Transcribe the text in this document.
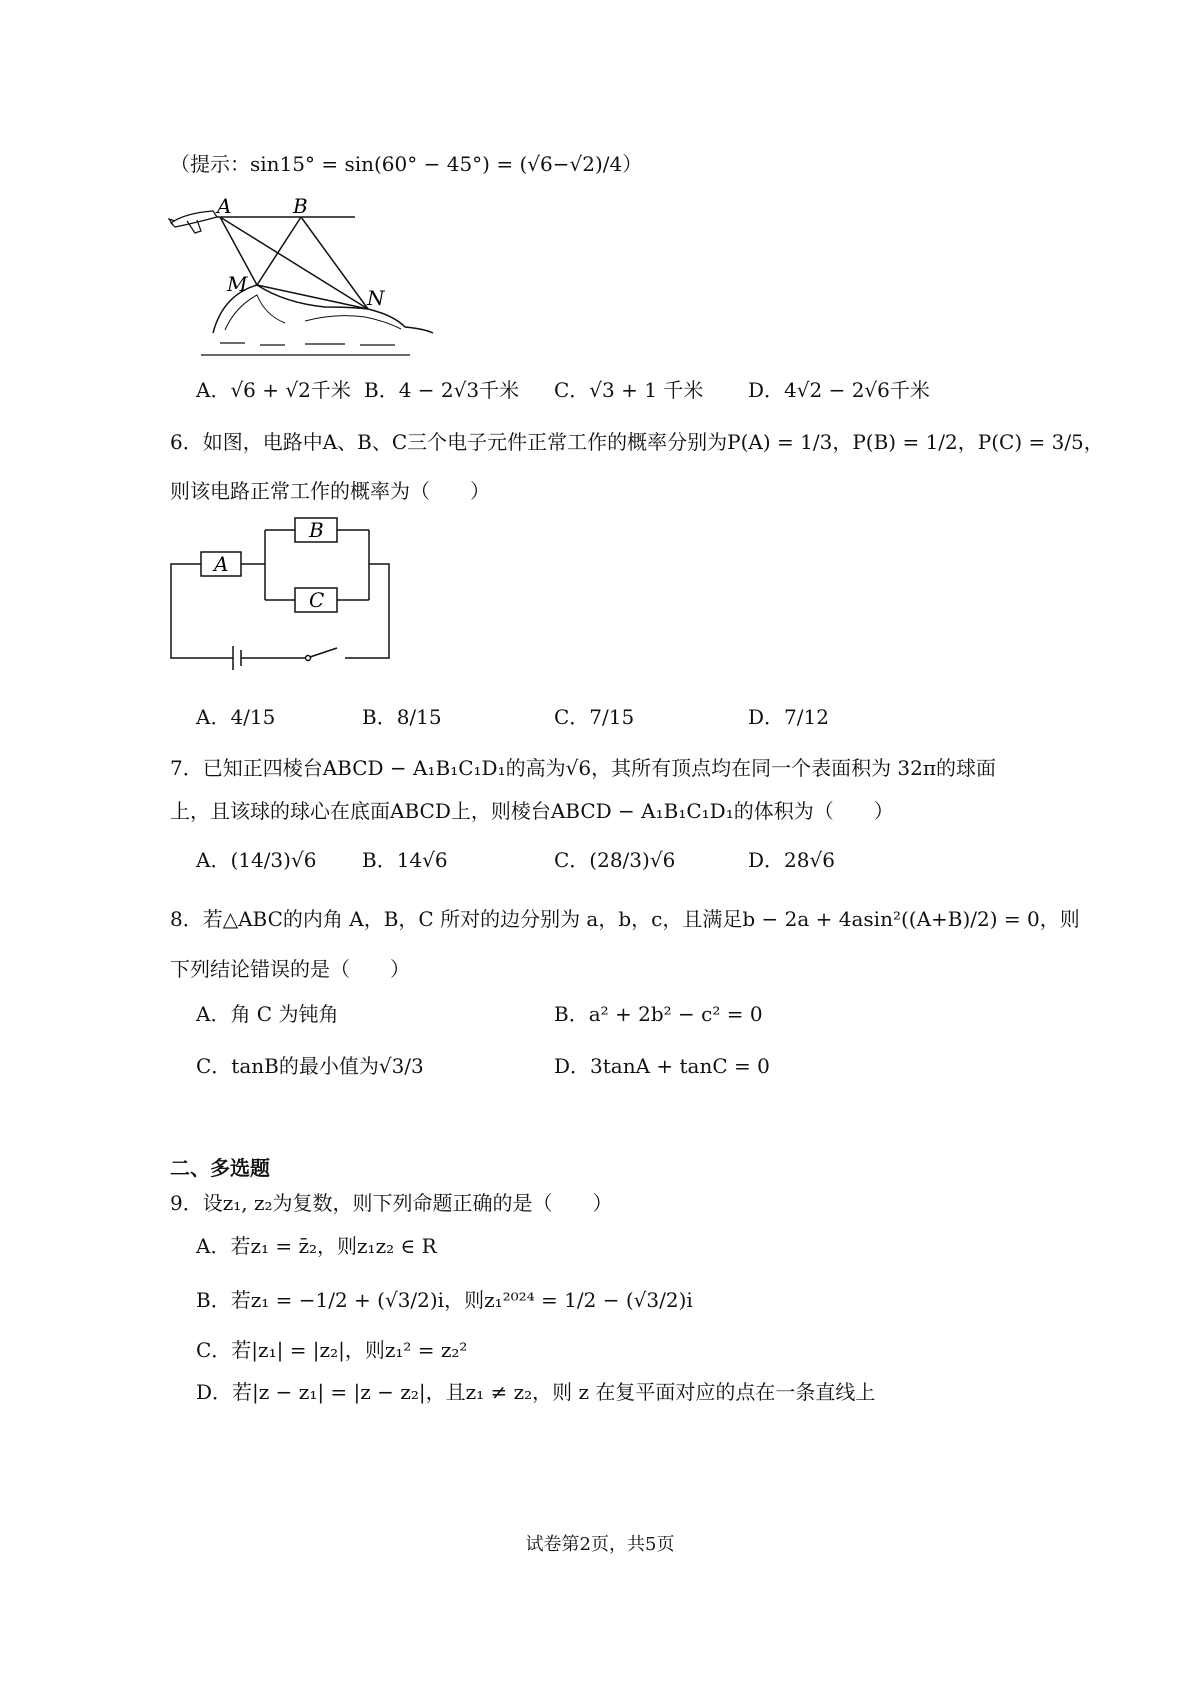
（提示：sin15° = sin(60° − 45°) = (√6−√2)/4）
A	B
M
N
A．√6 + √2千米 B．4 − 2√3千米 C．√3 + 1 千米 D．4√2 − 2√6千米
6．如图，电路中A、B、C三个电子元件正常工作的概率分别为P(A) = 1/3，P(B) = 1/2，P(C) = 3/5，
则该电路正常工作的概率为（　　）
A
B
C
A．4/15	B．8/15	C．7/15	D．7/12
7．已知正四棱台ABCD − A₁B₁C₁D₁的高为√6，其所有顶点均在同一个表面积为 32π的球面
上，且该球的球心在底面ABCD上，则棱台ABCD − A₁B₁C₁D₁的体积为（　　）
A．(14/3)√6 B．14√6	C．(28/3)√6	D．28√6
8．若△ABC的内角 A，B，C 所对的边分别为 a，b，c，且满足b − 2a + 4asin²((A+B)/2) = 0，则
下列结论错误的是（　　）
A．角 C 为钝角	B．a² + 2b² − c² = 0
C．tanB的最小值为√3/3	D．3tanA + tanC = 0
二、多选题
9．设z₁, z₂为复数，则下列命题正确的是（　　）
A．若z₁ = z̄₂，则z₁z₂ ∈ R
B．若z₁ = −1/2 + (√3/2)i，则z₁²⁰²⁴ = 1/2 − (√3/2)i
C．若|z₁| = |z₂|，则z₁² = z₂²
D．若|z − z₁| = |z − z₂|，且z₁ ≠ z₂，则 z 在复平面对应的点在一条直线上
试卷第2页，共5页
